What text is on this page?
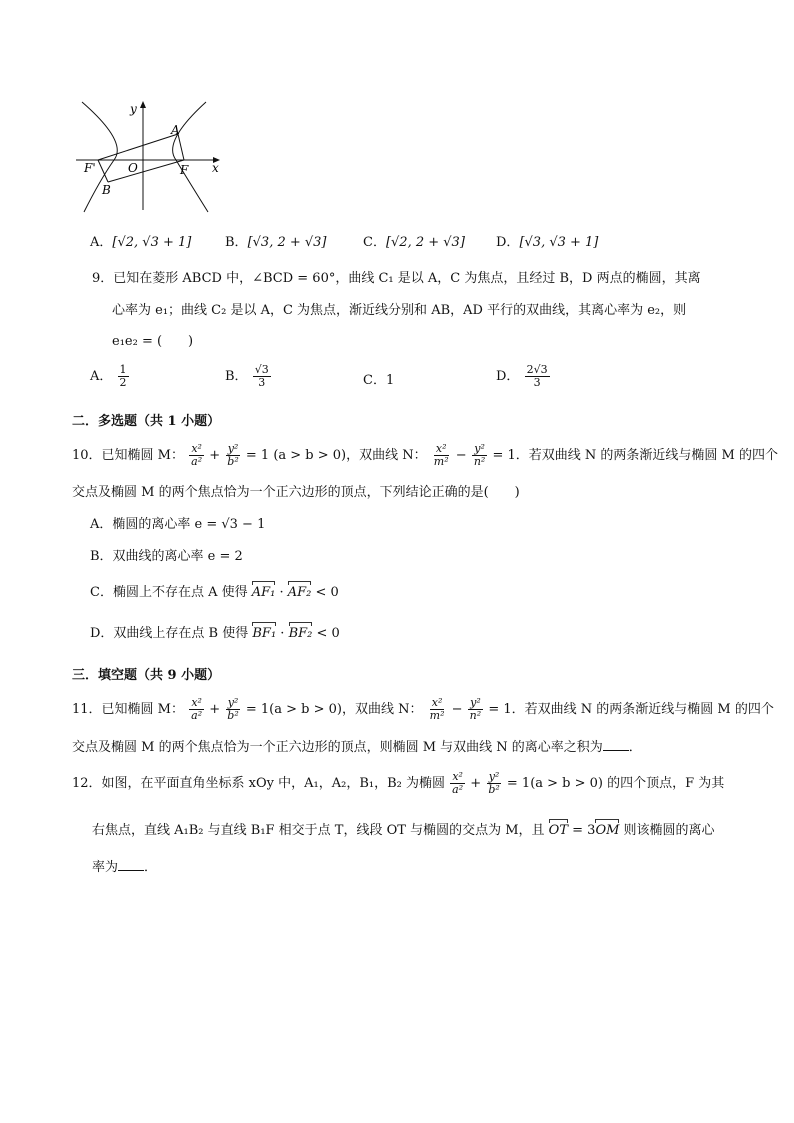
y
x
O
A
B
F
F'
A．[√2, √3 + 1]	B．[√3, 2 + √3]	C．[√2, 2 + √3] D．[√3, √3 + 1]
9．已知在菱形 ABCD 中，∠BCD = 60°，曲线 C₁ 是以 A，C 为焦点，且经过 B，D 两点的椭圆，其离
心率为 e₁；曲线 C₂ 是以 A，C 为焦点，渐近线分别和 AB，AD 平行的双曲线，其离心率为 e₂，则
e₁e₂ = (　　)
A． $\frac{1}{2}$	B． $\frac{√3}{3}$	C．1	D． $\frac{2√3}{3}$
二．多选题（共 1 小题）
10．已知椭圆 M： $\frac{\text{x²}}{\text{a²}} + \frac{\text{y²}}{\text{b²}} = 1$ (a > b > 0)，双曲线 N： $\frac{\text{x²}}{\text{m²}} - \frac{\text{y²}}{\text{n²}} = 1$．若双曲线 N 的两条渐近线与椭圆 M 的四个
交点及椭圆 M 的两个焦点恰为一个正六边形的顶点，下列结论正确的是(　　)
A．椭圆的离心率 e = √3 − 1
B．双曲线的离心率 e = 2
C．椭圆上不存在点 A 使得 AF₁ · AF₂ < 0
D．双曲线上存在点 B 使得 BF₁ · BF₂ < 0
三．填空题（共 9 小题）
11．已知椭圆 M： $\frac{\text{x²}}{\text{a²}} + \frac{\text{y²}}{\text{b²}} = 1(a > b > 0)$，双曲线 N： $\frac{\text{x²}}{\text{m²}} - \frac{\text{y²}}{\text{n²}} = 1$．若双曲线 N 的两条渐近线与椭圆 M 的四个
交点及椭圆 M 的两个焦点恰为一个正六边形的顶点，则椭圆 M 与双曲线 N 的离心率之积为 ．
12．如图，在平面直角坐标系 xOy 中，A₁，A₂，B₁，B₂ 为椭圆 $\frac{\text{x²}}{\text{a²}} + \frac{\text{y²}}{\text{b²}} = 1(a > b > 0)$ 的四个顶点，F 为其
右焦点，直线 A₁B₂ 与直线 B₁F 相交于点 T，线段 OT 与椭圆的交点为 M，且 OT = 3OM 则该椭圆的离心
率为 ．
